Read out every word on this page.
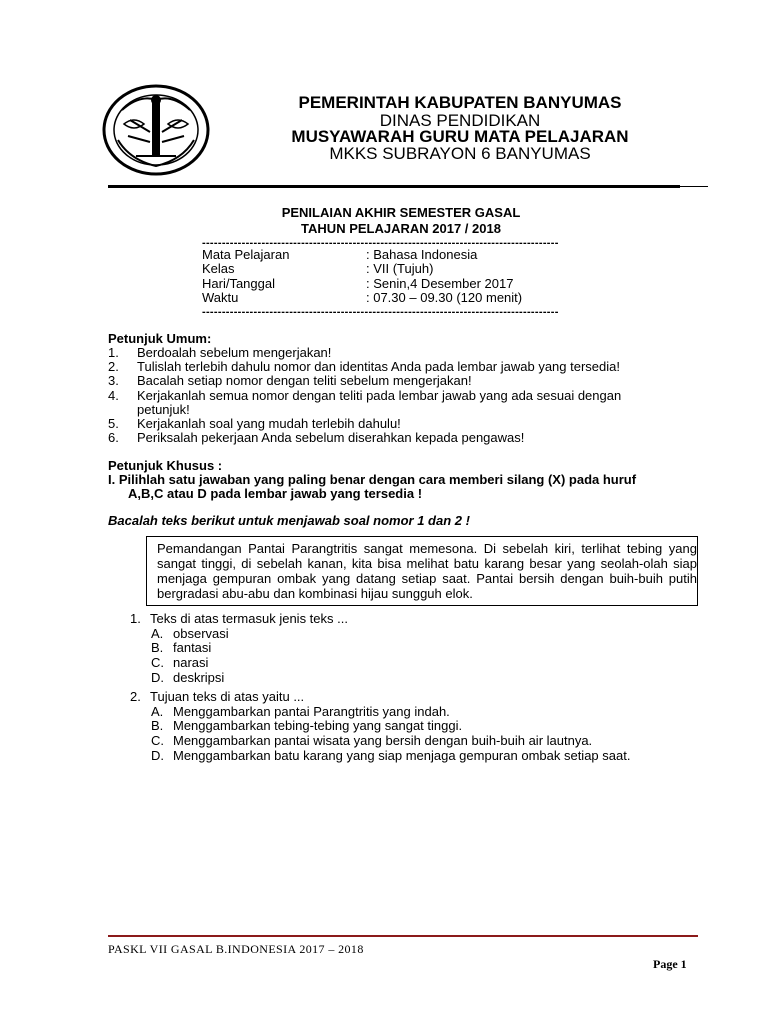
PEMERINTAH KABUPATEN BANYUMAS
DINAS PENDIDIKAN
MUSYAWARAH GURU MATA PELAJARAN
MKKS SUBRAYON 6 BANYUMAS
PENILAIAN AKHIR SEMESTER GASAL
TAHUN PELAJARAN 2017 / 2018
------------------------------------------------------------------------------------------
Mata Pelajaran	: Bahasa Indonesia
Kelas	: VII (Tujuh)
Hari/Tanggal	: Senin,4 Desember 2017
Waktu	: 07.30 – 09.30 (120 menit)
------------------------------------------------------------------------------------------
Petunjuk Umum:
1.	Berdoalah sebelum mengerjakan!
2.	Tulislah terlebih dahulu nomor dan identitas Anda pada lembar jawab yang tersedia!
3.	Bacalah setiap nomor dengan teliti sebelum mengerjakan!
4.	Kerjakanlah semua nomor dengan teliti pada lembar jawab yang ada sesuai dengan
petunjuk!
5.	Kerjakanlah soal yang mudah terlebih dahulu!
6.	Periksalah pekerjaan Anda sebelum diserahkan kepada pengawas!
Petunjuk Khusus :
I. Pilihlah satu jawaban yang paling benar dengan cara memberi silang (X) pada huruf
A,B,C atau D pada lembar jawab yang tersedia !
Bacalah teks berikut untuk menjawab soal nomor 1 dan 2 !

Pemandangan Pantai Parangtritis sangat memesona. Di sebelah kiri, terlihat tebing yang sangat tinggi, di sebelah kanan, kita bisa melihat batu karang besar yang seolah-olah siap menjaga gempuran ombak yang datang setiap saat. Pantai bersih dengan buih-buih putih bergradasi abu-abu dan kombinasi hijau sungguh elok.

1. Teks di atas termasuk jenis teks ...
A. observasi
B. fantasi
C. narasi
D. deskripsi
2. Tujuan teks di atas yaitu ...
A. Menggambarkan pantai Parangtritis yang indah.
B. Menggambarkan tebing-tebing yang sangat tinggi.
C. Menggambarkan pantai wisata yang bersih dengan buih-buih air lautnya.
D. Menggambarkan batu karang yang siap menjaga gempuran ombak setiap saat.
PASKL VII GASAL B.INDONESIA 2017 – 2018
Page 1
